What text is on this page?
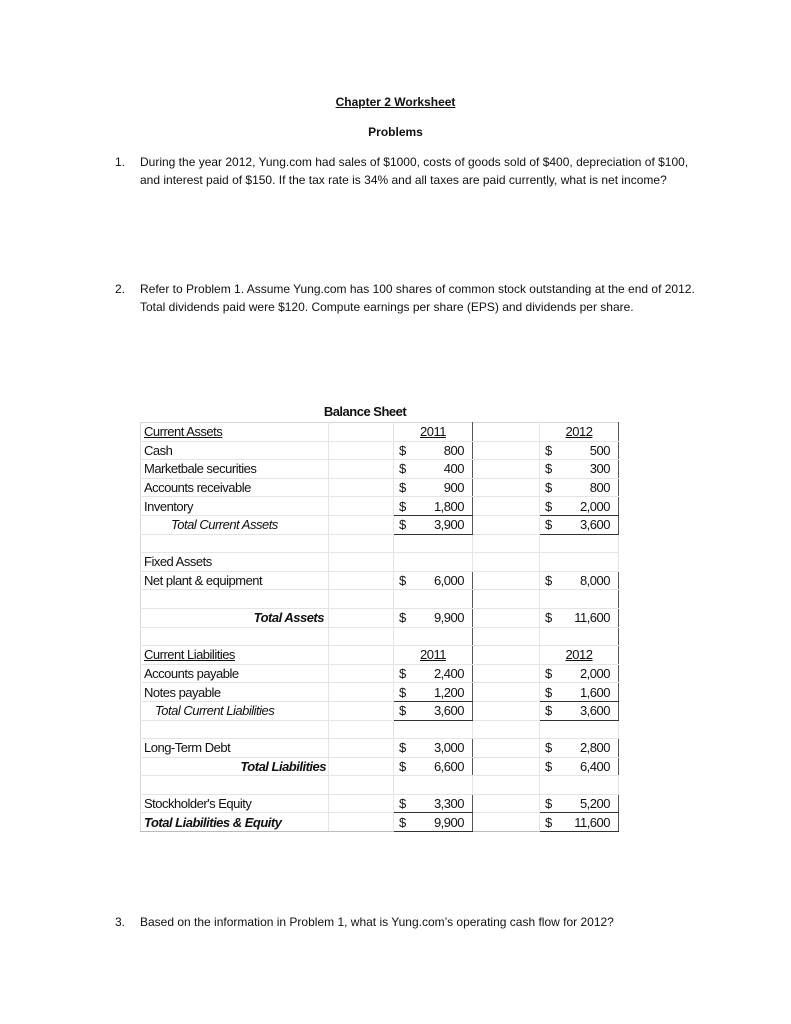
Chapter 2 Worksheet
Problems
1. During the year 2012, Yung.com had sales of $1000, costs of goods sold of $400, depreciation of $100, and interest paid of $150. If the tax rate is 34% and all taxes are paid currently, what is net income?
2. Refer to Problem 1. Assume Yung.com has 100 shares of common stock outstanding at the end of 2012. Total dividends paid were $120. Compute earnings per share (EPS) and dividends per share.
Balance Sheet
Current Assets		2011			2012	
Cash		$	800		$	500
Marketbale securities		$	400		$	300
Accounts receivable		$	900		$	800
Inventory		$	1,800		$	2,000
Total Current Assets		$	3,900		$	3,600

Fixed Assets						
Net plant & equipment		$	6,000		$	8,000

Total Assets		$	9,900		$	11,600

Current Liabilities		2011			2012	
Accounts payable		$	2,400		$	2,000
Notes payable		$	1,200		$	1,600
Total Current Liabilities		$	3,600		$	3,600

Long-Term Debt		$	3,000		$	2,800
Total Liabilities		$	6,600		$	6,400

Stockholder's Equity		$	3,300		$	5,200
Total Liabilities & Equity		$	9,900		$	11,600
3. Based on the information in Problem 1, what is Yung.com’s operating cash flow for 2012?
